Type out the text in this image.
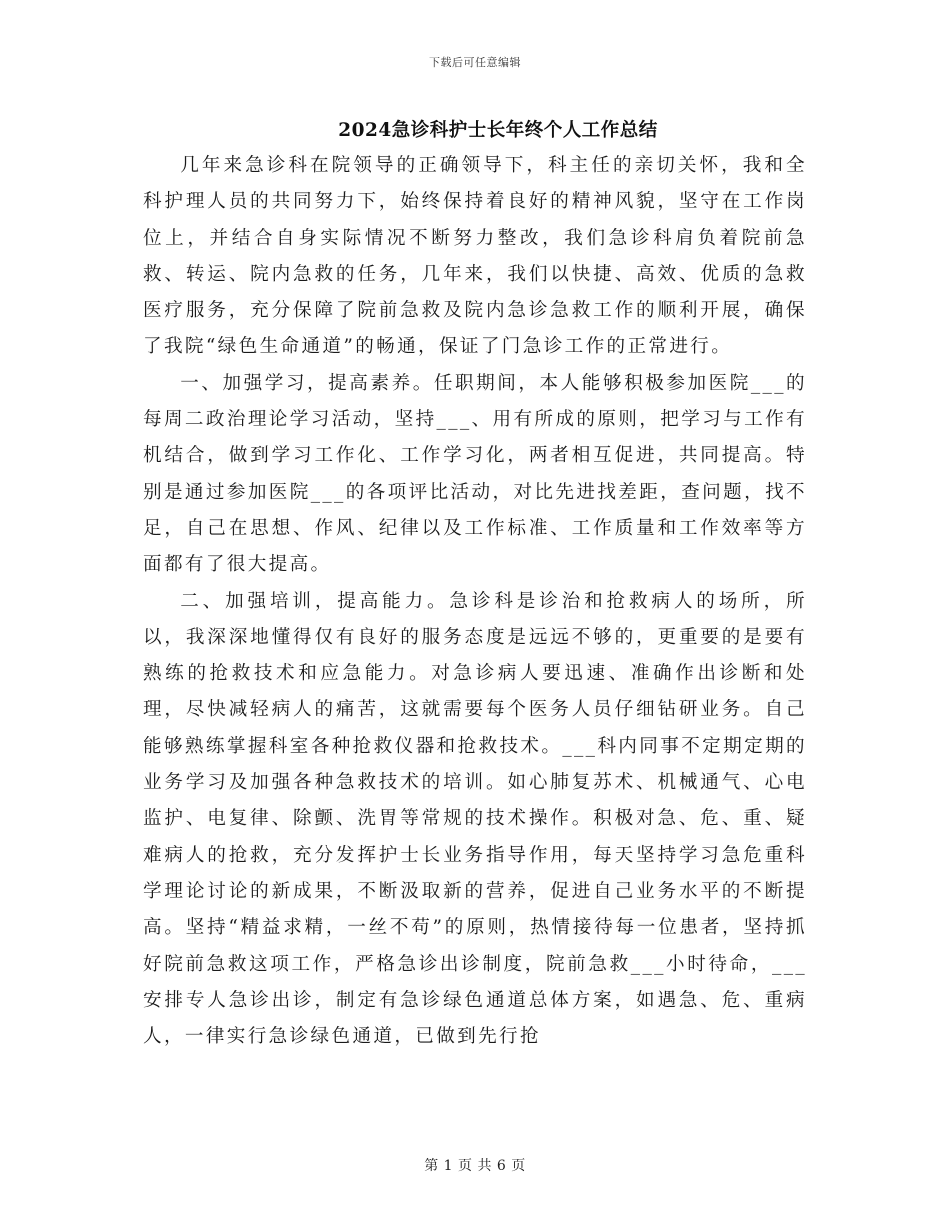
下载后可任意编辑
2024急诊科护士长年终个人工作总结

几年来急诊科在院领导的正确领导下，科主任的亲切关怀，我和全科护理人员的共同努力下，始终保持着良好的精神风貌，坚守在工作岗位上，并结合自身实际情况不断努力整改，我们急诊科肩负着院前急救、转运、院内急救的任务，几年来，我们以快捷、高效、优质的急救医疗服务，充分保障了院前急救及院内急诊急救工作的顺利开展，确保了我院“绿色生命通道”的畅通，保证了门急诊工作的正常进行。

一、加强学习，提高素养。任职期间，本人能够积极参加医院___的每周二政治理论学习活动，坚持___、用有所成的原则，把学习与工作有机结合，做到学习工作化、工作学习化，两者相互促进，共同提高。特别是通过参加医院___的各项评比活动，对比先进找差距，查问题，找不足，自己在思想、作风、纪律以及工作标准、工作质量和工作效率等方面都有了很大提高。

二、加强培训，提高能力。急诊科是诊治和抢救病人的场所，所以，我深深地懂得仅有良好的服务态度是远远不够的，更重要的是要有熟练的抢救技术和应急能力。对急诊病人要迅速、准确作出诊断和处理，尽快减轻病人的痛苦，这就需要每个医务人员仔细钻研业务。自己能够熟练掌握科室各种抢救仪器和抢救技术。___科内同事不定期定期的业务学习及加强各种急救技术的培训。如心肺复苏术、机械通气、心电监护、电复律、除颤、洗胃等常规的技术操作。积极对急、危、重、疑难病人的抢救，充分发挥护士长业务指导作用，每天坚持学习急危重科学理论讨论的新成果，不断汲取新的营养，促进自己业务水平的不断提高。坚持“精益求精，一丝不苟”的原则，热情接待每一位患者，坚持抓好院前急救这项工作，严格急诊出诊制度，院前急救___小时待命，___安排专人急诊出诊，制定有急诊绿色通道总体方案，如遇急、危、重病人，一律实行急诊绿色通道，已做到先行抢

第 1 页 共 6 页
